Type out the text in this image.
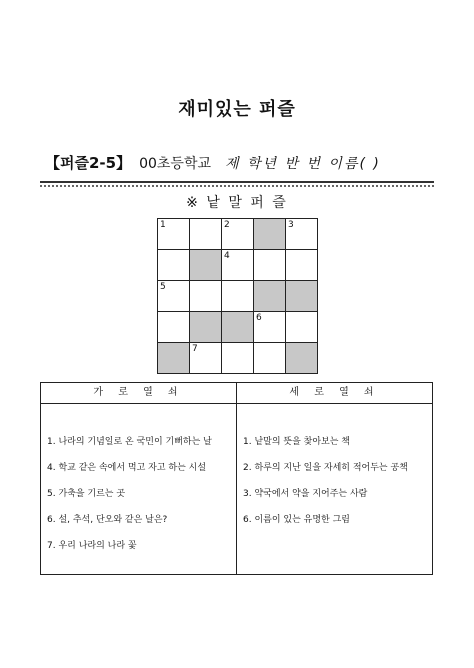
재미있는 퍼즐
【퍼즐2-5】 00초등학교 제 학년 반 번 이름( )
※ 낱 말 퍼 즐
1	2	3
4
5
6
7
가 로 열 쇠
1. 나라의 기념일로 온 국민이 기뻐하는 날
4. 학교 같은 속에서 먹고 자고 하는 시설
5. 가축을 기르는 곳
6. 설, 추석, 단오와 같은 날은?
7. 우리 나라의 나라 꽃
세 로 열 쇠
1. 낱말의 뜻을 찾아보는 책
2. 하루의 지난 일을 자세히 적어두는 공책
3. 약국에서 약을 지어주는 사람
6. 이름이 있는 유명한 그림
